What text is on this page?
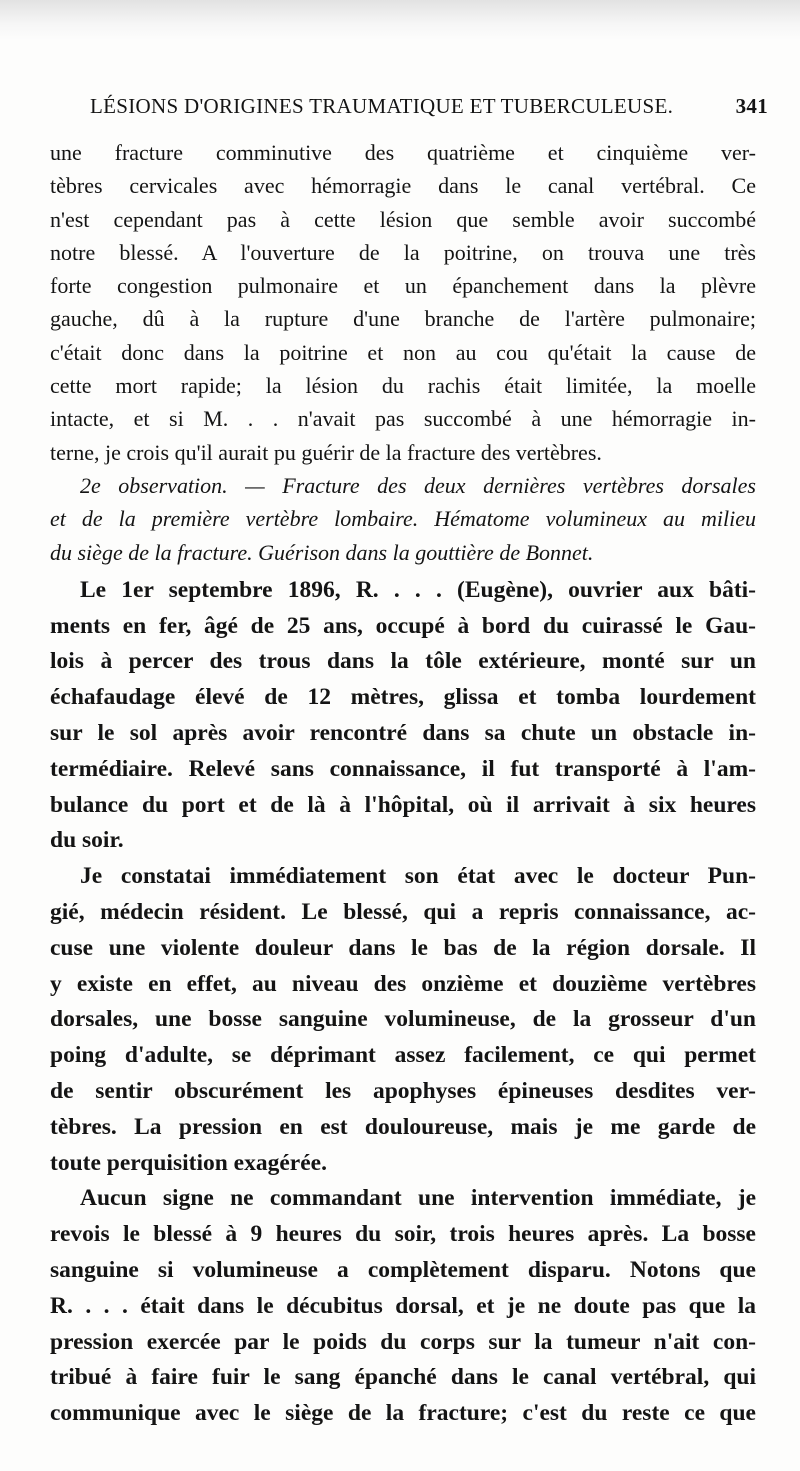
LÉSIONS D'ORIGINES TRAUMATIQUE ET TUBERCULEUSE.	341
une fracture comminutive des quatrième et cinquième ver-
tèbres cervicales avec hémorragie dans le canal vertébral. Ce
n'est cependant pas à cette lésion que semble avoir succombé
notre blessé. A l'ouverture de la poitrine, on trouva une très
forte congestion pulmonaire et un épanchement dans la plèvre
gauche, dû à la rupture d'une branche de l'artère pulmonaire;
c'était donc dans la poitrine et non au cou qu'était la cause de
cette mort rapide; la lésion du rachis était limitée, la moelle
intacte, et si M. . . n'avait pas succombé à une hémorragie in-
terne, je crois qu'il aurait pu guérir de la fracture des vertèbres.
2e observation. — Fracture des deux dernières vertèbres dorsales
et de la première vertèbre lombaire. Hématome volumineux au milieu
du siège de la fracture. Guérison dans la gouttière de Bonnet.
Le 1er septembre 1896, R. . . . (Eugène), ouvrier aux bâti-
ments en fer, âgé de 25 ans, occupé à bord du cuirassé le Gau-
lois à percer des trous dans la tôle extérieure, monté sur un
échafaudage élevé de 12 mètres, glissa et tomba lourdement
sur le sol après avoir rencontré dans sa chute un obstacle in-
termédiaire. Relevé sans connaissance, il fut transporté à l'am-
bulance du port et de là à l'hôpital, où il arrivait à six heures
du soir.
Je constatai immédiatement son état avec le docteur Pun-
gié, médecin résident. Le blessé, qui a repris connaissance, ac-
cuse une violente douleur dans le bas de la région dorsale. Il
y existe en effet, au niveau des onzième et douzième vertèbres
dorsales, une bosse sanguine volumineuse, de la grosseur d'un
poing d'adulte, se déprimant assez facilement, ce qui permet
de sentir obscurément les apophyses épineuses desdites ver-
tèbres. La pression en est douloureuse, mais je me garde de
toute perquisition exagérée.
Aucun signe ne commandant une intervention immédiate, je
revois le blessé à 9 heures du soir, trois heures après. La bosse
sanguine si volumineuse a complètement disparu. Notons que
R. . . . était dans le décubitus dorsal, et je ne doute pas que la
pression exercée par le poids du corps sur la tumeur n'ait con-
tribué à faire fuir le sang épanché dans le canal vertébral, qui
communique avec le siège de la fracture; c'est du reste ce que
